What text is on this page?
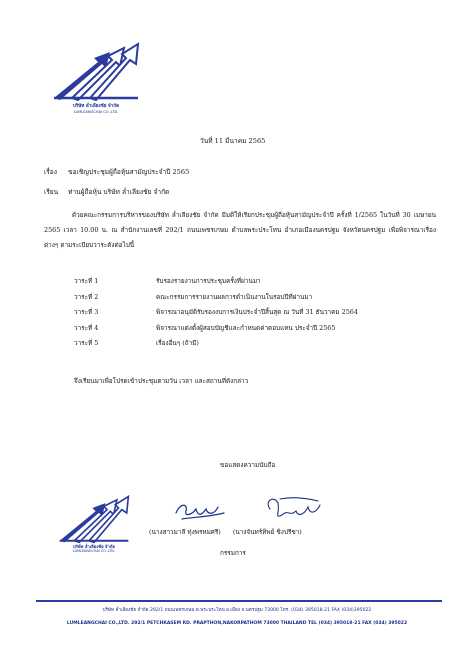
บริษัท ล่ำเลียงชัย จำกัด
LUMLEANGCHAI CO.,LTD.
วันที่ 11 มีนาคม 2565
เรื่อง ขอเชิญประชุมผู้ถือหุ้นสามัญประจำปี 2565
เรียน ท่านผู้ถือหุ้น บริษัท ล่ำเลียงชัย จำกัด

ด้วยคณะกรรมการบริหารของบริษัท ล่ำเลียงชัย จำกัด มีมติให้เรียกประชุมผู้ถือหุ้นสามัญประจำปี ครั้งที่ 1/2565 ในวันที่ 30 เมษายน 2565 เวลา 10.00 น. ณ สำนักงานเลขที่ 292/1 ถนนเพชรเกษม ตำบลพระประโทน อำเภอเมืองนครปฐม จังหวัดนครปฐม เพื่อพิจารณาเรื่องต่างๆ ตามระเบียบวาระดังต่อไปนี้

วาระที่ 1	รับรองรายงานการประชุมครั้งที่ผ่านมา
วาระที่ 2	คณะกรรมการรายงานผลการดำเนินงานในรอบปีที่ผ่านมา
วาระที่ 3	พิจารณาอนุมัติรับรองงบการเงินประจำปีสิ้นสุด ณ วันที่ 31 ธันวาคม 2564
วาระที่ 4	พิจารณาแต่งตั้งผู้สอบบัญชีและกำหนดค่าตอบแทน ประจำปี 2565
วาระที่ 5	เรื่องอื่นๆ (ถ้ามี)
จึงเรียนมาเพื่อโปรดเข้าประชุมตามวัน เวลา และสถานที่ดังกล่าว
ขอแสดงความนับถือ
บริษัท ล่ำเลียงชัย จำกัด
LUMLEANGCHAI CO.,LTD.
(นางสาวมาลี ทุ่งพรหมศรี) (นางจันทร์ทิพย์ ชิงปรีชา)
กรรมการ
บริษัท ล่ำเลียงชัย จำกัด 292/1 ถนนเพชรเกษม ต.พระประโทน อ.เมือง จ.นครปฐม 73000 โทร. (034) 395018-21 FAX (034)395022
LUMLEANGCHAI CO.,LTD. 292/1 PETCHKASEM RD. PRAPTHON,NAKORPATHOM 73000 THAILAND TEL (034) 395018-21 FAX (034) 395022
